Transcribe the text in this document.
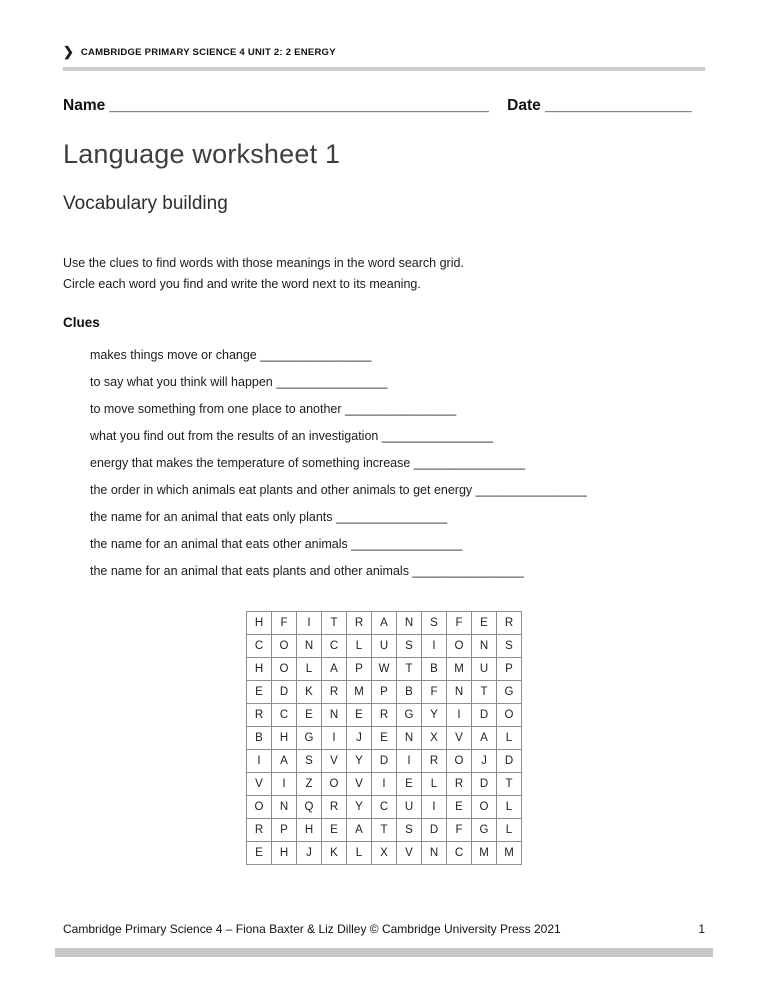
❯ CAMBRIDGE PRIMARY SCIENCE 4 UNIT 2: 2 ENERGY
Name ____________________________________________ Date _________________
Language worksheet 1
Vocabulary building

Use the clues to find words with those meanings in the word search grid.
Circle each word you find and write the word next to its meaning.

Clues
makes things move or change ________________
to say what you think will happen ________________
to move something from one place to another ________________
what you find out from the results of an investigation ________________
energy that makes the temperature of something increase ________________
the order in which animals eat plants and other animals to get energy ________________
the name for an animal that eats only plants ________________
the name for an animal that eats other animals ________________
the name for an animal that eats plants and other animals ________________
H	F	I	T	R	A	N	S	F	E	R
C	O	N	C	L	U	S	I	O	N	S
H	O	L	A	P	W	T	B	M	U	P
E	D	K	R	M	P	B	F	N	T	G
R	C	E	N	E	R	G	Y	I	D	O
B	H	G	I	J	E	N	X	V	A	L
I	A	S	V	Y	D	I	R	O	J	D
V	I	Z	O	V	I	E	L	R	D	T
O	N	Q	R	Y	C	U	I	E	O	L
R	P	H	E	A	T	S	D	F	G	L
E	H	J	K	L	X	V	N	C	M	M
Cambridge Primary Science 4 – Fiona Baxter & Liz Dilley © Cambridge University Press 2021	1
